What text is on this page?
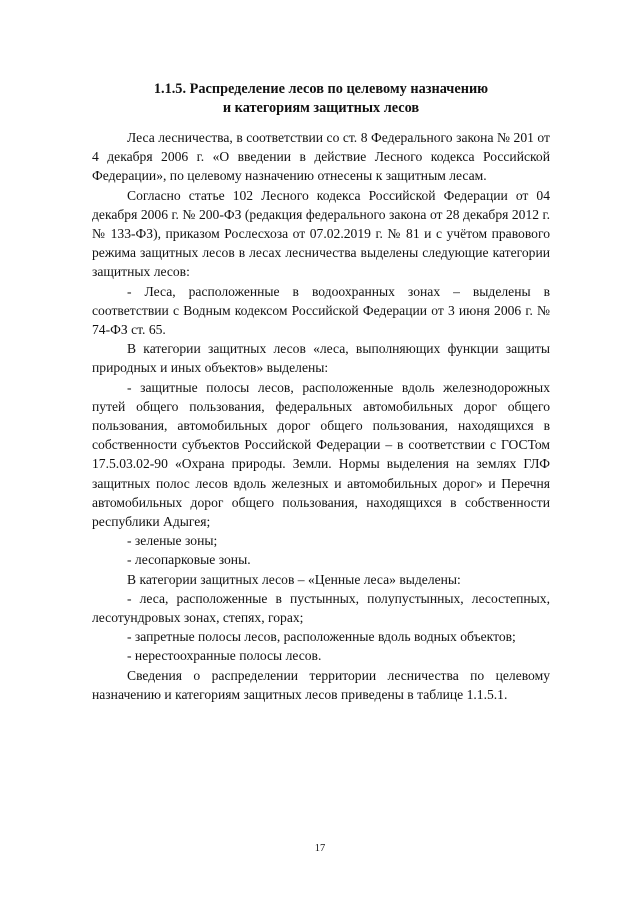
1.1.5. Распределение лесов по целевому назначению
и категориям защитных лесов

Леса лесничества, в соответствии со ст. 8 Федерального закона № 201 от 4 декабря 2006 г. «О введении в действие Лесного кодекса Российской Федерации», по целевому назначению отнесены к защитным лесам.

Согласно статье 102 Лесного кодекса Российской Федерации от 04 декабря 2006 г. № 200-ФЗ (редакция федерального закона от 28 декабря 2012 г. № 133-ФЗ), приказом Рослесхоза от 07.02.2019 г. № 81 и с учётом правового режима защитных лесов в лесах лесничества выделены следующие категории защитных лесов:

- Леса, расположенные в водоохранных зонах – выделены в соответствии с Водным кодексом Российской Федерации от 3 июня 2006 г. № 74-ФЗ ст. 65.

В категории защитных лесов «леса, выполняющих функции защиты природных и иных объектов» выделены:

- защитные полосы лесов, расположенные вдоль железнодорожных путей общего пользования, федеральных автомобильных дорог общего пользования, автомобильных дорог общего пользования, находящихся в собственности субъектов Российской Федерации – в соответствии с ГОСТом 17.5.03.02-90 «Охрана природы. Земли. Нормы выделения на землях ГЛФ защитных полос лесов вдоль железных и автомобильных дорог» и Перечня автомобильных дорог общего пользования, находящихся в собственности республики Адыгея;

- зеленые зоны;

- лесопарковые зоны.

В категории защитных лесов – «Ценные леса» выделены:

- леса, расположенные в пустынных, полупустынных, лесостепных, лесотундровых зонах, степях, горах;

- запретные полосы лесов, расположенные вдоль водных объектов;

- нерестоохранные полосы лесов.

Сведения о распределении территории лесничества по целевому назначению и категориям защитных лесов приведены в таблице 1.1.5.1.

17
